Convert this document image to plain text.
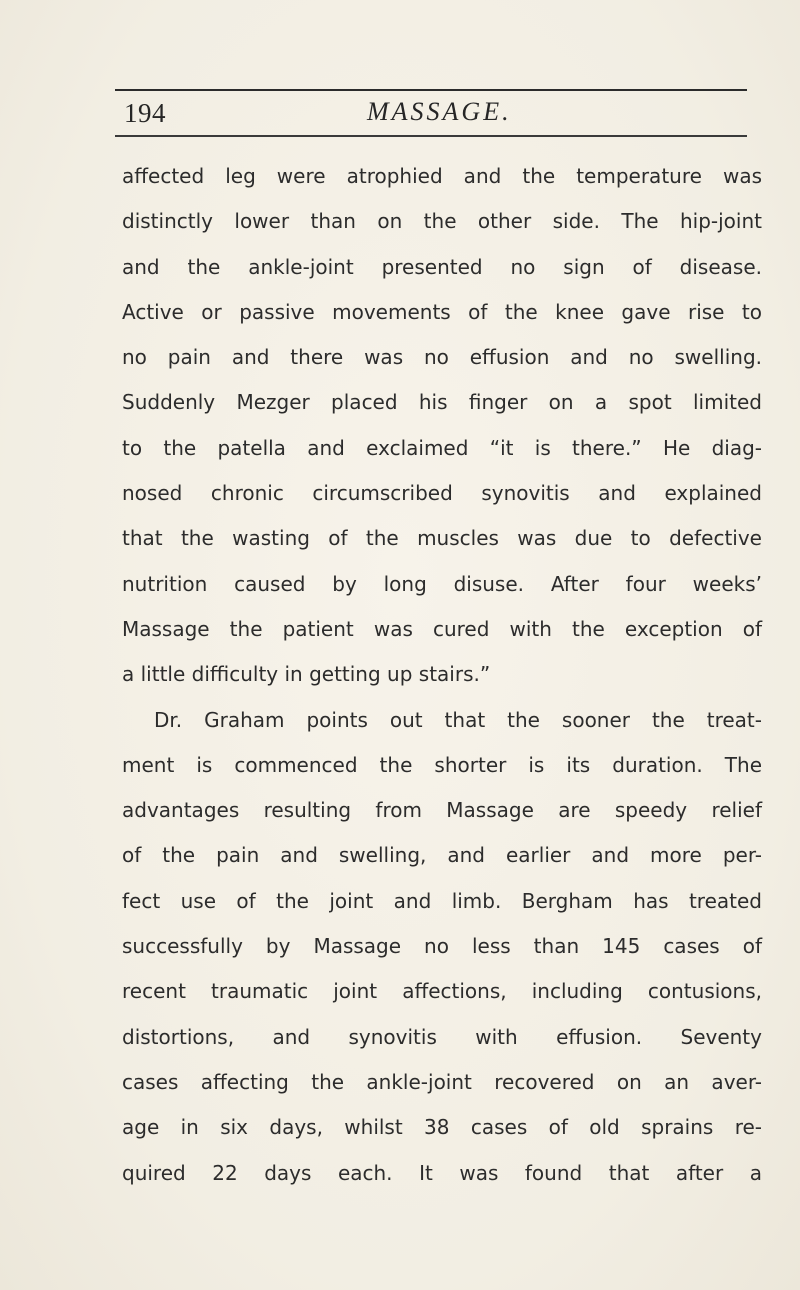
194	MASSAGE.
affected leg were atrophied and the temperature was
distinctly lower than on the other side. The hip-joint
and the ankle-joint presented no sign of disease.
Active or passive movements of the knee gave rise to
no pain and there was no effusion and no swelling.
Suddenly Mezger placed his finger on a spot limited
to the patella and exclaimed “it is there.” He diag-
nosed chronic circumscribed synovitis and explained
that the wasting of the muscles was due to defective
nutrition caused by long disuse. After four weeks’
Massage the patient was cured with the exception of
a little difficulty in getting up stairs.”
Dr. Graham points out that the sooner the treat-
ment is commenced the shorter is its duration. The
advantages resulting from Massage are speedy relief
of the pain and swelling, and earlier and more per-
fect use of the joint and limb. Bergham has treated
successfully by Massage no less than 145 cases of
recent traumatic joint affections, including contusions,
distortions, and synovitis with effusion. Seventy
cases affecting the ankle-joint recovered on an aver-
age in six days, whilst 38 cases of old sprains re-
quired 22 days each. It was found that after a
